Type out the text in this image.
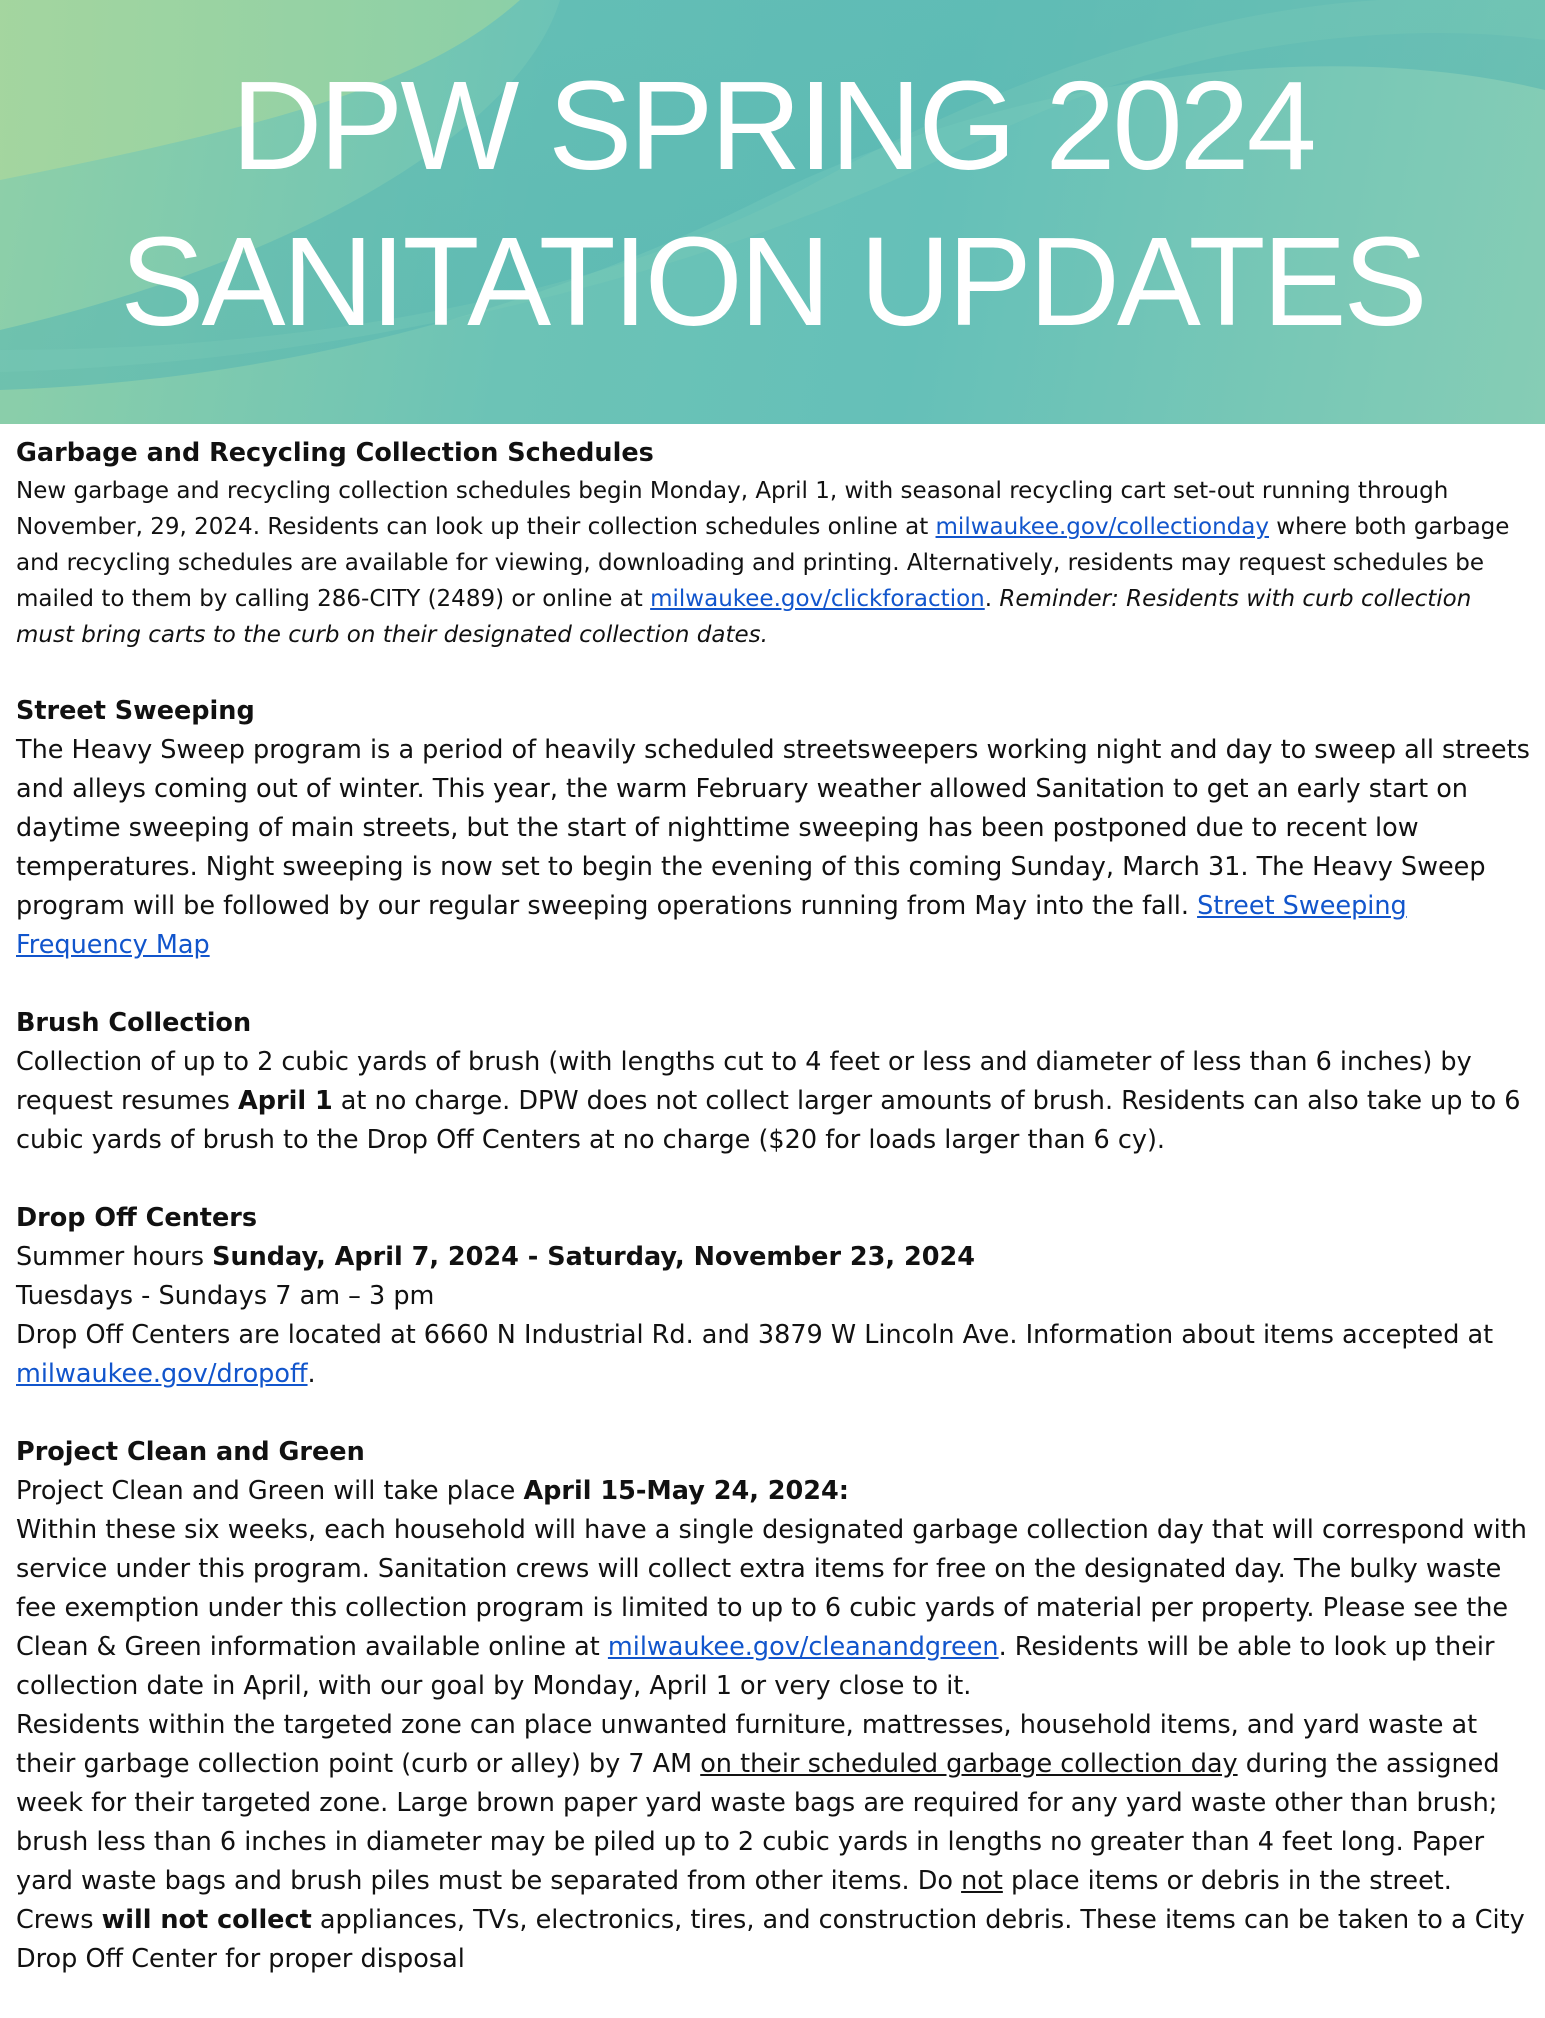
DPW SPRING 2024
SANITATION UPDATES

Garbage and Recycling Collection Schedules

New garbage and recycling collection schedules begin Monday, April 1, with seasonal recycling cart set-out running through November, 29, 2024. Residents can look up their collection schedules online at milwaukee.gov/collectionday where both garbage and recycling schedules are available for viewing, downloading and printing. Alternatively, residents may request schedules be mailed to them by calling 286-CITY (2489) or online at milwaukee.gov/clickforaction. Reminder: Residents with curb collection must bring carts to the curb on their designated collection dates.

Street Sweeping

The Heavy Sweep program is a period of heavily scheduled streetsweepers working night and day to sweep all streets and alleys coming out of winter. This year, the warm February weather allowed Sanitation to get an early start on daytime sweeping of main streets, but the start of nighttime sweeping has been postponed due to recent low temperatures. Night sweeping is now set to begin the evening of this coming Sunday, March 31. The Heavy Sweep program will be followed by our regular sweeping operations running from May into the fall. Street Sweeping Frequency Map

Brush Collection

Collection of up to 2 cubic yards of brush (with lengths cut to 4 feet or less and diameter of less than 6 inches) by request resumes April 1 at no charge. DPW does not collect larger amounts of brush. Residents can also take up to 6 cubic yards of brush to the Drop Off Centers at no charge ($20 for loads larger than 6 cy).

Drop Off Centers

Summer hours Sunday, April 7, 2024 - Saturday, November 23, 2024

Tuesdays - Sundays 7 am – 3 pm

Drop Off Centers are located at 6660 N Industrial Rd. and 3879 W Lincoln Ave. Information about items accepted at milwaukee.gov/dropoff.

Project Clean and Green

Project Clean and Green will take place April 15-May 24, 2024:

Within these six weeks, each household will have a single designated garbage collection day that will correspond with service under this program. Sanitation crews will collect extra items for free on the designated day. The bulky waste fee exemption under this collection program is limited to up to 6 cubic yards of material per property. Please see the Clean & Green information available online at milwaukee.gov/cleanandgreen. Residents will be able to look up their collection date in April, with our goal by Monday, April 1 or very close to it.

Residents within the targeted zone can place unwanted furniture, mattresses, household items, and yard waste at their garbage collection point (curb or alley) by 7 AM on their scheduled garbage collection day during the assigned week for their targeted zone. Large brown paper yard waste bags are required for any yard waste other than brush; brush less than 6 inches in diameter may be piled up to 2 cubic yards in lengths no greater than 4 feet long. Paper yard waste bags and brush piles must be separated from other items. Do not place items or debris in the street. Crews will not collect appliances, TVs, electronics, tires, and construction debris. These items can be taken to a City Drop Off Center for proper disposal
